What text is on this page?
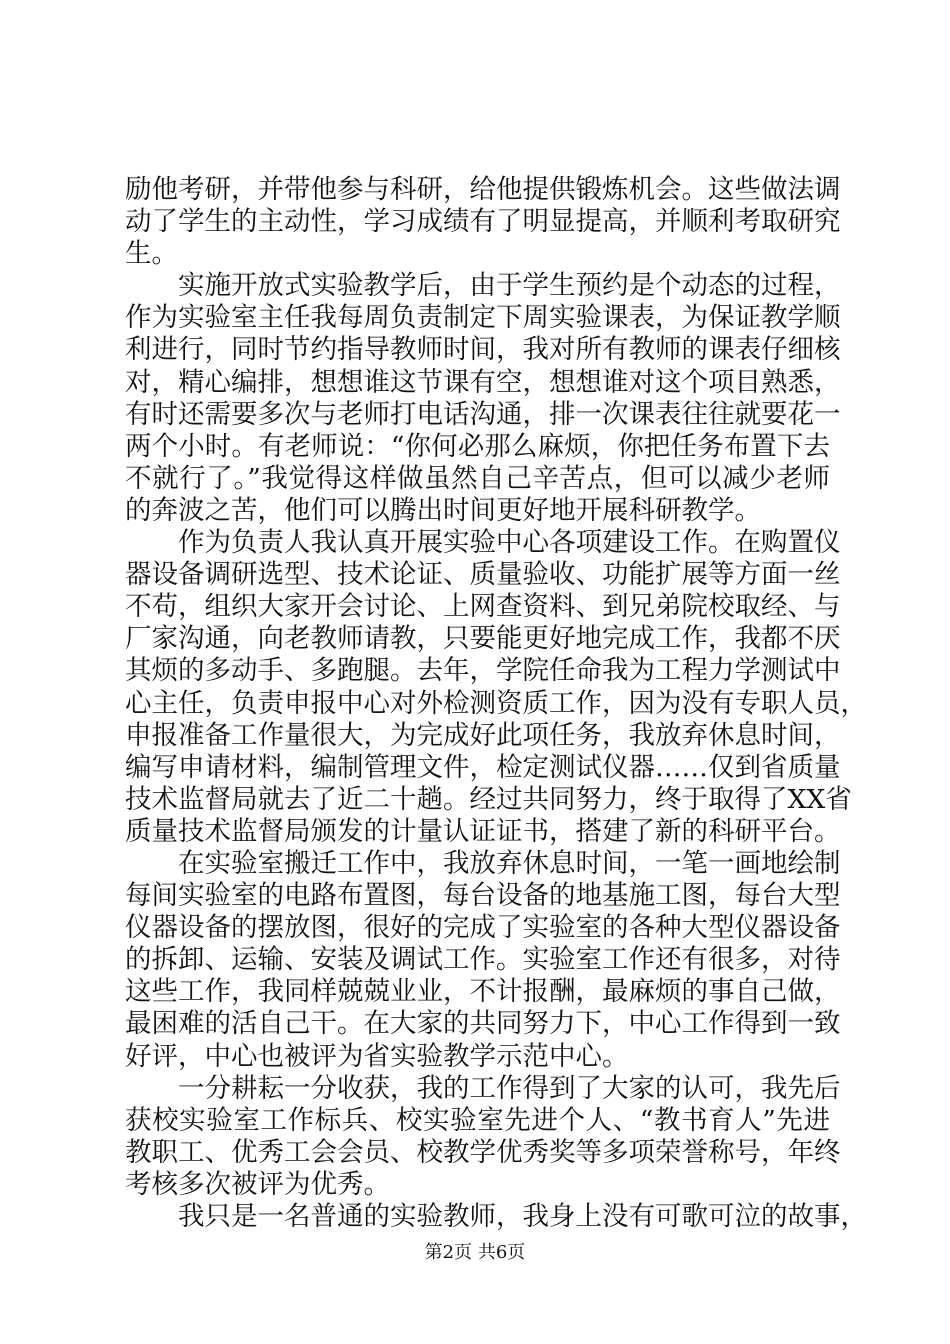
励他考研，并带他参与科研，给他提供锻炼机会。这些做法调
动了学生的主动性，学习成绩有了明显提高，并顺利考取研究
生。
实施开放式实验教学后，由于学生预约是个动态的过程，
作为实验室主任我每周负责制定下周实验课表，为保证教学顺
利进行，同时节约指导教师时间，我对所有教师的课表仔细核
对，精心编排，想想谁这节课有空，想想谁对这个项目熟悉，
有时还需要多次与老师打电话沟通，排一次课表往往就要花一
两个小时。有老师说：“你何必那么麻烦，你把任务布置下去
不就行了。”我觉得这样做虽然自己辛苦点，但可以减少老师
的奔波之苦，他们可以腾出时间更好地开展科研教学。
作为负责人我认真开展实验中心各项建设工作。在购置仪
器设备调研选型、技术论证、质量验收、功能扩展等方面一丝
不苟，组织大家开会讨论、上网查资料、到兄弟院校取经、与
厂家沟通，向老教师请教，只要能更好地完成工作，我都不厌
其烦的多动手、多跑腿。去年，学院任命我为工程力学测试中
心主任，负责申报中心对外检测资质工作，因为没有专职人员，
申报准备工作量很大，为完成好此项任务，我放弃休息时间，
编写申请材料，编制管理文件，检定测试仪器……仅到省质量
技术监督局就去了近二十趟。经过共同努力，终于取得了XX省
质量技术监督局颁发的计量认证证书，搭建了新的科研平台。
在实验室搬迁工作中，我放弃休息时间，一笔一画地绘制
每间实验室的电路布置图，每台设备的地基施工图，每台大型
仪器设备的摆放图，很好的完成了实验室的各种大型仪器设备
的拆卸、运输、安装及调试工作。实验室工作还有很多，对待
这些工作，我同样兢兢业业，不计报酬，最麻烦的事自己做，
最困难的活自己干。在大家的共同努力下，中心工作得到一致
好评，中心也被评为省实验教学示范中心。
一分耕耘一分收获，我的工作得到了大家的认可，我先后
获校实验室工作标兵、校实验室先进个人、“教书育人”先进
教职工、优秀工会会员、校教学优秀奖等多项荣誉称号，年终
考核多次被评为优秀。
我只是一名普通的实验教师，我身上没有可歌可泣的故事，
第2页 共6页
